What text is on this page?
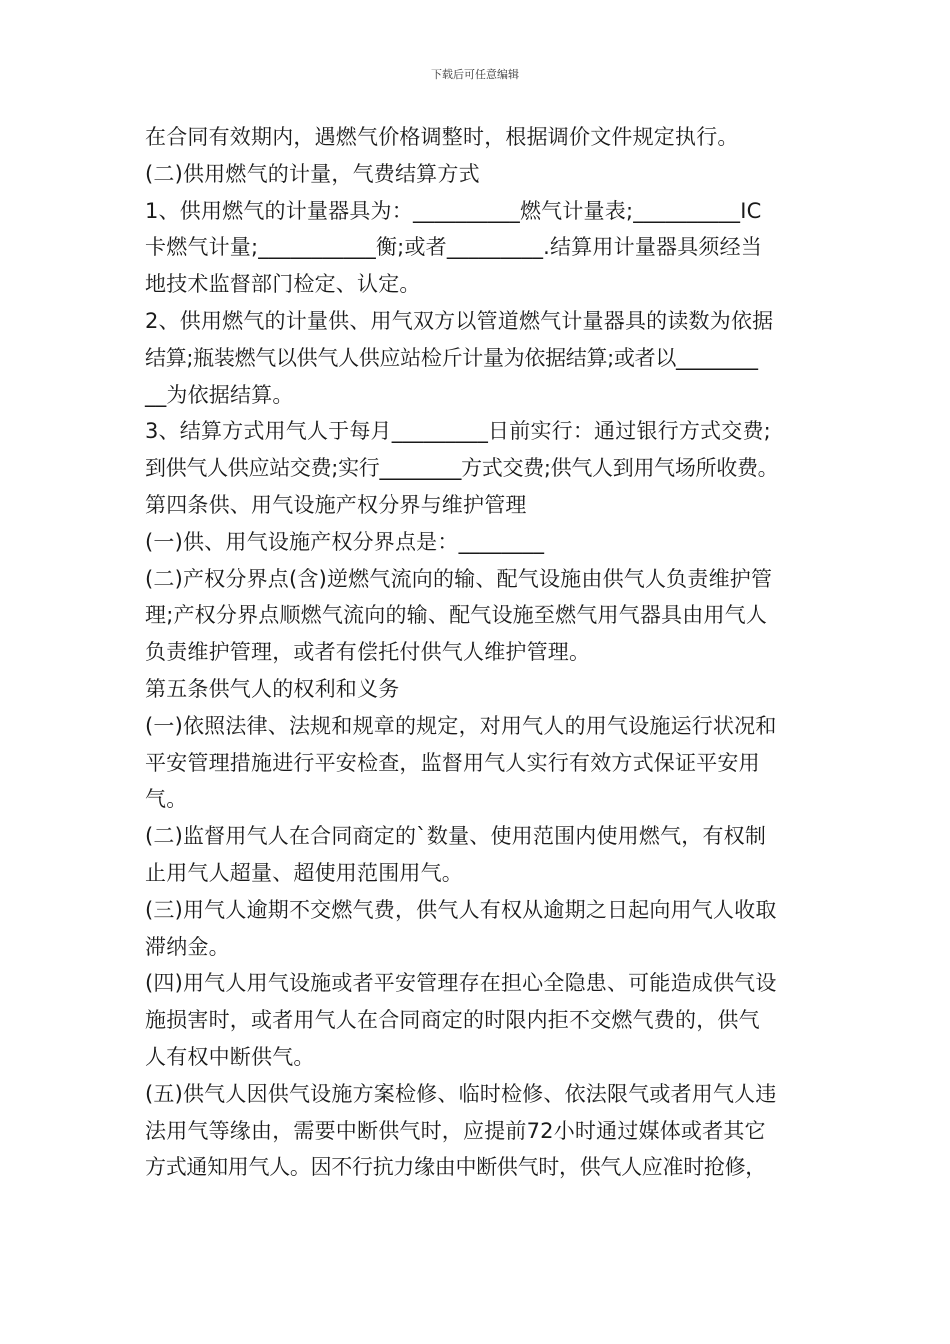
下载后可任意编辑
在合同有效期内，遇燃气价格调整时，根据调价文件规定执行。
(二)供用燃气的计量，气费结算方式
1、供用燃气的计量器具为：__________燃气计量表;__________IC
卡燃气计量;___________衡;或者_________.结算用计量器具须经当
地技术监督部门检定、认定。
2、供用燃气的计量供、用气双方以管道燃气计量器具的读数为依据
结算;瓶装燃气以供气人供应站检斤计量为依据结算;或者以________
__为依据结算。
3、结算方式用气人于每月_________日前实行：通过银行方式交费;
到供气人供应站交费;实行________方式交费;供气人到用气场所收费。
第四条供、用气设施产权分界与维护管理
(一)供、用气设施产权分界点是：________
(二)产权分界点(含)逆燃气流向的输、配气设施由供气人负责维护管
理;产权分界点顺燃气流向的输、配气设施至燃气用气器具由用气人
负责维护管理，或者有偿托付供气人维护管理。
第五条供气人的权利和义务
(一)依照法律、法规和规章的规定，对用气人的用气设施运行状况和
平安管理措施进行平安检查，监督用气人实行有效方式保证平安用
气。
(二)监督用气人在合同商定的`数量、使用范围内使用燃气，有权制
止用气人超量、超使用范围用气。
(三)用气人逾期不交燃气费，供气人有权从逾期之日起向用气人收取
滞纳金。
(四)用气人用气设施或者平安管理存在担心全隐患、可能造成供气设
施损害时，或者用气人在合同商定的时限内拒不交燃气费的，供气
人有权中断供气。
(五)供气人因供气设施方案检修、临时检修、依法限气或者用气人违
法用气等缘由，需要中断供气时，应提前72小时通过媒体或者其它
方式通知用气人。因不行抗力缘由中断供气时，供气人应准时抢修，
